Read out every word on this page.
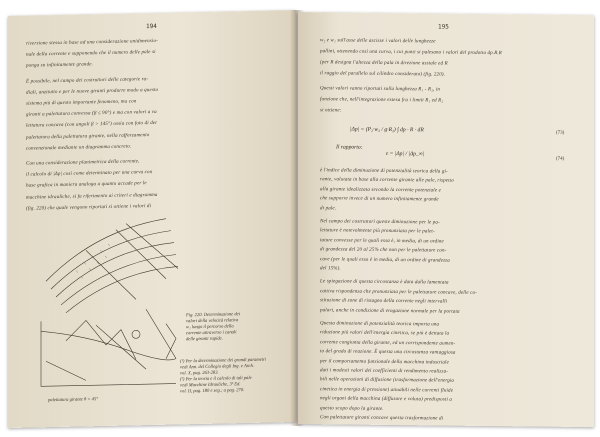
194
riversione stessa in base ad una considerazione unidimensio-
nale della corrente e supponendo che il numero delle pale si
ponga su infinitamente grande.
È possibile, nel campo dei costruttori delle categorie ra-
diali, anzitutto e per le nuove giranti produrre modo a questo
sistema più di questo importante fenomeno, ma con
giranti a palettatura convessa (β ≤ 90°) e ma con valori a va
lettatura concava (con angoli β > 145°) ossia con foto di det
palettatura della palettatura girante, nella rafforzamento
convenzionale mediante un diagramma concreto.
Con una considerazione planimetrica della corrente,
il calcolo di |Δp| così come determinato per una curva con
base grafica in maniera analoga a quanto accade per le
macchine idrauliche, si fa riferimento ai criteri e diagramma
(fig. 220) che quale vengono riportati si ottiene i valori di
Fig. 220. Determinazione dei
valori della velocità relativa
w₂ lungo il percorso della
corrente attraverso i canali
delle giranti rapide.
(¹) Per la determinazione dei grandi parametri
vedi Ann. del Collegio degli Ing. e Arch.
vol. X, pag. 263-283.
(²) Per la teoria e il calcolo di tali pale
vedi Macchine Idrauliche, 3ª Ed.
vol. II, pag. 180 e seg.; a pag. 270.
palettatura girante θ = 45°
195
w₂ e w₁ sull'asse delle ascisse i valori delle lunghezze
pallini, ottenendo così una curva, i cui punti si palesano i valori del prodotto dp.R.R
(per R designa l'altezza della pala in direzione assiale ed R
il raggio del parallelo sul cilindro considerato) (fig. 220).
Questi valori vanno riportati sulla lunghezza R₁ - R₂, in
funzione che, nell'integrazione estesa fra i limiti R₁ ed R₂
si ottiene:
|Δp| = (P₂·w₂ / g·R₂) ∫ dp · R · dR	(73)
Il rapporto:
ε = |Δp| / |Δp_∞|
(74)
è l'indice della diminuzione di potenzialità teorica della gi-
rante, valutata in base alla corrente girante alle pale, rispetto
alla girante idealizzata secondo la corrente potenziale e
che supporre invece di un numero infinitamente grande
di pale.
Nel campo dei costruttori queste diminuzione per le pa-
lettature è notevolmente più pronunziata per le palet-
tature convesse per le quali essa è, in media, di un ordine
di grandezza del 20 al 25% che non per le palettature con-
cave (per le quali esso è in media, di un ordine di grandezza
del 15%).
Le spiegazione di questa circostanza è data dalla lamentata
cattiva rispondenza che pronunziata per le palettature concave, delle co-
stituzione di zone di ristagno della corrente negli intervalli
palari, anche in condizione di erogazione normale per la portata
Questa diminuzione di potenzialità teorica importa una
riduzione più valori dell'energia cinetica, se più è dettata la
corrente congiunta della girante, ed un corrispondente aumen-
to del grado di reazione. È questa una circostanza vantaggiosa
per il comportamento funzionale della macchina industriale
dati i modesti valori dei coefficienti di rendimento realizza-
bili nelle operazioni di diffusione (trasformazione dell'energia
cinetica in energia di pressione) attuabili nelle correnti fluide
negli organi della macchina (diffusore e voluta) predisposti a
questo scopo dopo la girante.
Con palettature giranti concave questa trasformazione di
